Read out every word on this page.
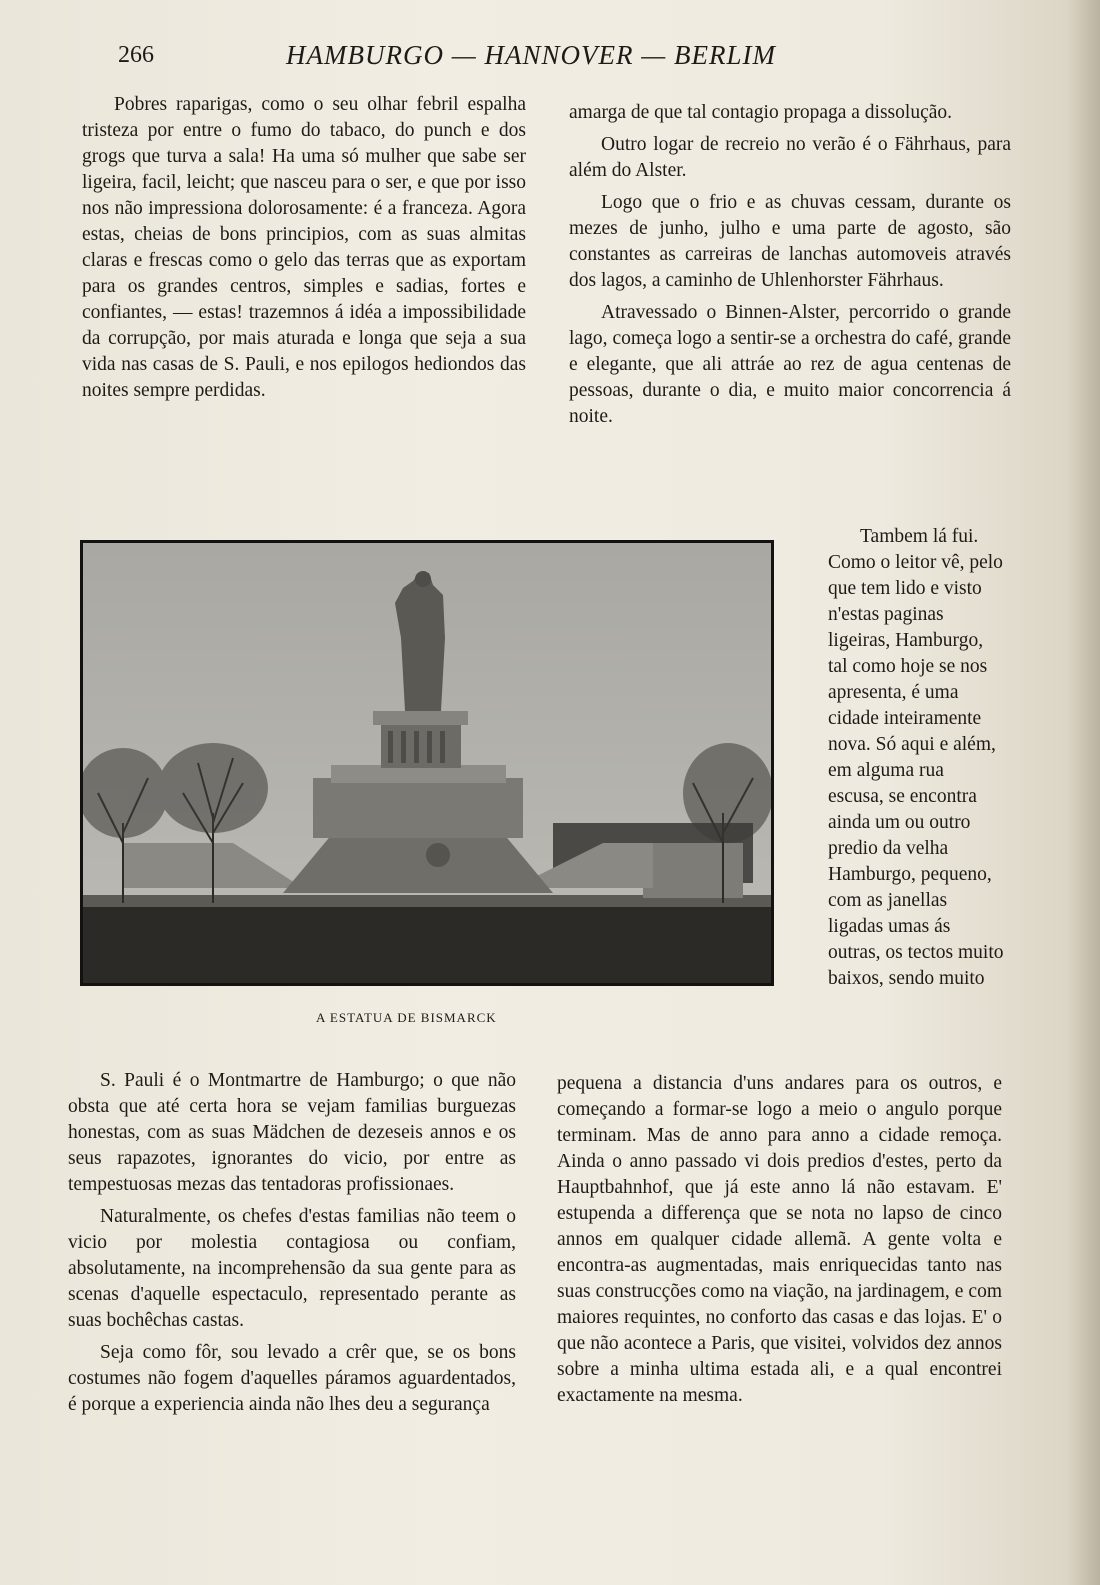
266	HAMBURGO — HANNOVER — BERLIM

Pobres raparigas, como o seu olhar febril espalha tristeza por entre o fumo do tabaco, do punch e dos grogs que turva a sala! Ha uma só mulher que sabe ser ligeira, facil, leicht; que nasceu para o ser, e que por isso nos não impressiona dolorosamente: é a franceza. Agora estas, cheias de bons principios, com as suas almitas claras e frescas como o gelo das terras que as exportam para os grandes centros, simples e sadias, fortes e confiantes, — estas! trazemnos á idéa a impossibilidade da corrupção, por mais aturada e longa que seja a sua vida nas casas de S. Pauli, e nos epilogos hediondos das noites sempre perdidas.

amarga de que tal contagio propaga a dissolução.

Outro logar de recreio no verão é o Fährhaus, para além do Alster.

Logo que o frio e as chuvas cessam, durante os mezes de junho, julho e uma parte de agosto, são constantes as carreiras de lanchas automoveis através dos lagos, a caminho de Uhlenhorster Fährhaus.

Atravessado o Binnen-Alster, percorrido o grande lago, começa logo a sentir-se a orchestra do café, grande e elegante, que ali attráe ao rez de agua centenas de pessoas, durante o dia, e muito maior concorrencia á noite.

A ESTATUA DE BISMARCK

Tambem lá fui.

Como o leitor vê, pelo que tem lido e visto n'estas paginas ligeiras, Hamburgo, tal como hoje se nos apresenta, é uma cidade inteiramente nova. Só aqui e além, em alguma rua escusa, se encontra ainda um ou outro predio da velha Hamburgo, pequeno, com as janellas ligadas umas ás outras, os tectos muito baixos, sendo muito

S. Pauli é o Montmartre de Hamburgo; o que não obsta que até certa hora se vejam familias burguezas honestas, com as suas Mädchen de dezeseis annos e os seus rapazotes, ignorantes do vicio, por entre as tempestuosas mezas das tentadoras profissionaes.

Naturalmente, os chefes d'estas familias não teem o vicio por molestia contagiosa ou confiam, absolutamente, na incomprehensão da sua gente para as scenas d'aquelle espectaculo, representado perante as suas bochêchas castas.

Seja como fôr, sou levado a crêr que, se os bons costumes não fogem d'aquelles páramos aguardentados, é porque a experiencia ainda não lhes deu a segurança

pequena a distancia d'uns andares para os outros, e começando a formar-se logo a meio o angulo porque terminam. Mas de anno para anno a cidade remoça. Ainda o anno passado vi dois predios d'estes, perto da Hauptbahnhof, que já este anno lá não estavam. E' estupenda a differença que se nota no lapso de cinco annos em qualquer cidade allemã. A gente volta e encontra-as augmentadas, mais enriquecidas tanto nas suas construcções como na viação, na jardinagem, e com maiores requintes, no conforto das casas e das lojas. E' o que não acontece a Paris, que visitei, volvidos dez annos sobre a minha ultima estada ali, e a qual encontrei exactamente na mesma.
